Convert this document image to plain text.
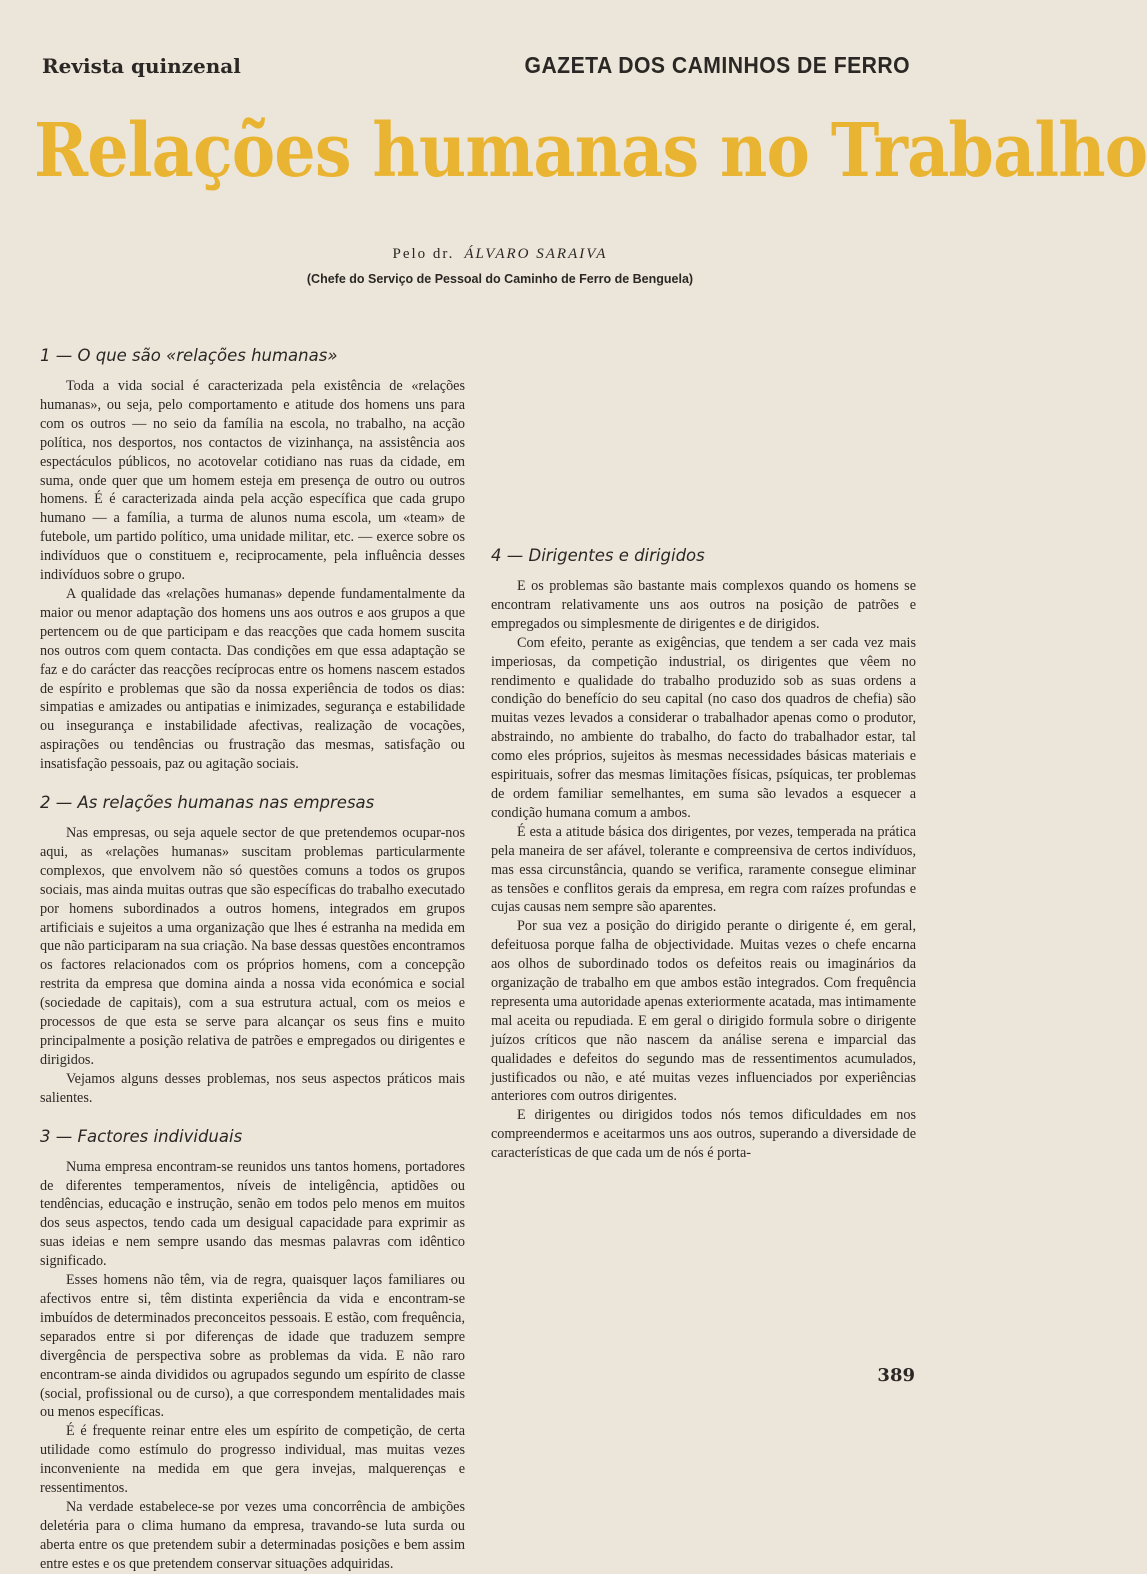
Revista quinzenal	GAZETA DOS CAMINHOS DE FERRO
Relações humanas no Trabalho
Pelo dr. ÁLVARO SARAIVA
(Chefe do Serviço de Pessoal do Caminho de Ferro de Benguela)
1 — O que são «relações humanas»

Toda a vida social é caracterizada pela existência de «relações humanas», ou seja, pelo comportamento e atitude dos homens uns para com os outros — no seio da família na escola, no trabalho, na acção política, nos desportos, nos contactos de vizinhança, na assistência aos espectáculos públicos, no acotovelar cotidiano nas ruas da cidade, em suma, onde quer que um homem esteja em presença de outro ou outros homens. É é caracterizada ainda pela acção específica que cada grupo humano — a família, a turma de alunos numa escola, um «team» de futebole, um partido político, uma unidade militar, etc. — exerce sobre os indivíduos que o constituem e, reciprocamente, pela influência desses indivíduos sobre o grupo.

A qualidade das «relações humanas» depende fundamentalmente da maior ou menor adaptação dos homens uns aos outros e aos grupos a que pertencem ou de que participam e das reacções que cada homem suscita nos outros com quem contacta. Das condições em que essa adaptação se faz e do carácter das reacções recíprocas entre os homens nascem estados de espírito e problemas que são da nossa experiência de todos os dias: simpatias e amizades ou antipatias e inimizades, segurança e estabilidade ou insegurança e instabilidade afectivas, realização de vocações, aspirações ou tendências ou frustração das mesmas, satisfação ou insatisfação pessoais, paz ou agitação sociais.

2 — As relações humanas nas empresas

Nas empresas, ou seja aquele sector de que pretendemos ocupar-nos aqui, as «relações humanas» suscitam problemas particularmente complexos, que envolvem não só questões comuns a todos os grupos sociais, mas ainda muitas outras que são específicas do trabalho executado por homens subordinados a outros homens, integrados em grupos artificiais e sujeitos a uma organização que lhes é estranha na medida em que não participaram na sua criação. Na base dessas questões encontramos os factores relacionados com os próprios homens, com a concepção restrita da empresa que domina ainda a nossa vida económica e social (sociedade de capitais), com a sua estrutura actual, com os meios e processos de que esta se serve para alcançar os seus fins e muito principalmente a posição relativa de patrões e empregados ou dirigentes e dirigidos.

Vejamos alguns desses problemas, nos seus aspectos práticos mais salientes.

3 — Factores individuais

Numa empresa encontram-se reunidos uns tantos homens, portadores de diferentes temperamentos, níveis de inteligência, aptidões ou tendências, educação e instrução, senão em todos pelo menos em muitos dos seus aspectos, tendo cada um desigual capacidade para exprimir as suas ideias e nem sempre usando das mesmas palavras com idêntico significado.

Esses homens não têm, via de regra, quaisquer laços familiares ou afectivos entre si, têm distinta experiência da vida e encontram-se imbuídos de determinados preconceitos pessoais. E estão, com frequência, separados entre si por diferenças de idade que traduzem sempre divergência de perspectiva sobre as problemas da vida. E não raro encontram-se ainda divididos ou agrupados segundo um espírito de classe (social, profissional ou de curso), a que correspondem mentalidades mais ou menos específicas.

É é frequente reinar entre eles um espírito de competição, de certa utilidade como estímulo do progresso individual, mas muitas vezes inconveniente na medida em que gera invejas, malquerenças e ressentimentos.

Na verdade estabelece-se por vezes uma concorrência de ambições deletéria para o clima humano da empresa, travando-se luta surda ou aberta entre os que pretendem subir a determinadas posições e bem assim entre estes e os que pretendem conservar situações adquiridas.

4 — Dirigentes e dirigidos

E os problemas são bastante mais complexos quando os homens se encontram relativamente uns aos outros na posição de patrões e empregados ou simplesmente de dirigentes e de dirigidos.

Com efeito, perante as exigências, que tendem a ser cada vez mais imperiosas, da competição industrial, os dirigentes que vêem no rendimento e qualidade do trabalho produzido sob as suas ordens a condição do benefício do seu capital (no caso dos quadros de chefia) são muitas vezes levados a considerar o trabalhador apenas como o produtor, abstraindo, no ambiente do trabalho, do facto do trabalhador estar, tal como eles próprios, sujeitos às mesmas necessidades básicas materiais e espirituais, sofrer das mesmas limitações físicas, psíquicas, ter problemas de ordem familiar semelhantes, em suma são levados a esquecer a condição humana comum a ambos.

É esta a atitude básica dos dirigentes, por vezes, temperada na prática pela maneira de ser afável, tolerante e compreensiva de certos indivíduos, mas essa circunstância, quando se verifica, raramente consegue eliminar as tensões e conflitos gerais da empresa, em regra com raízes profundas e cujas causas nem sempre são aparentes.

Por sua vez a posição do dirigido perante o dirigente é, em geral, defeituosa porque falha de objectividade. Muitas vezes o chefe encarna aos olhos de subordinado todos os defeitos reais ou imaginários da organização de trabalho em que ambos estão integrados. Com frequência representa uma autoridade apenas exteriormente acatada, mas intimamente mal aceita ou repudiada. E em geral o dirigido formula sobre o dirigente juízos críticos que não nascem da análise serena e imparcial das qualidades e defeitos do segundo mas de ressentimentos acumulados, justificados ou não, e até muitas vezes influenciados por experiências anteriores com outros dirigentes.

E dirigentes ou dirigidos todos nós temos dificuldades em nos compreendermos e aceitarmos uns aos outros, superando a diversidade de características de que cada um de nós é porta-

389
